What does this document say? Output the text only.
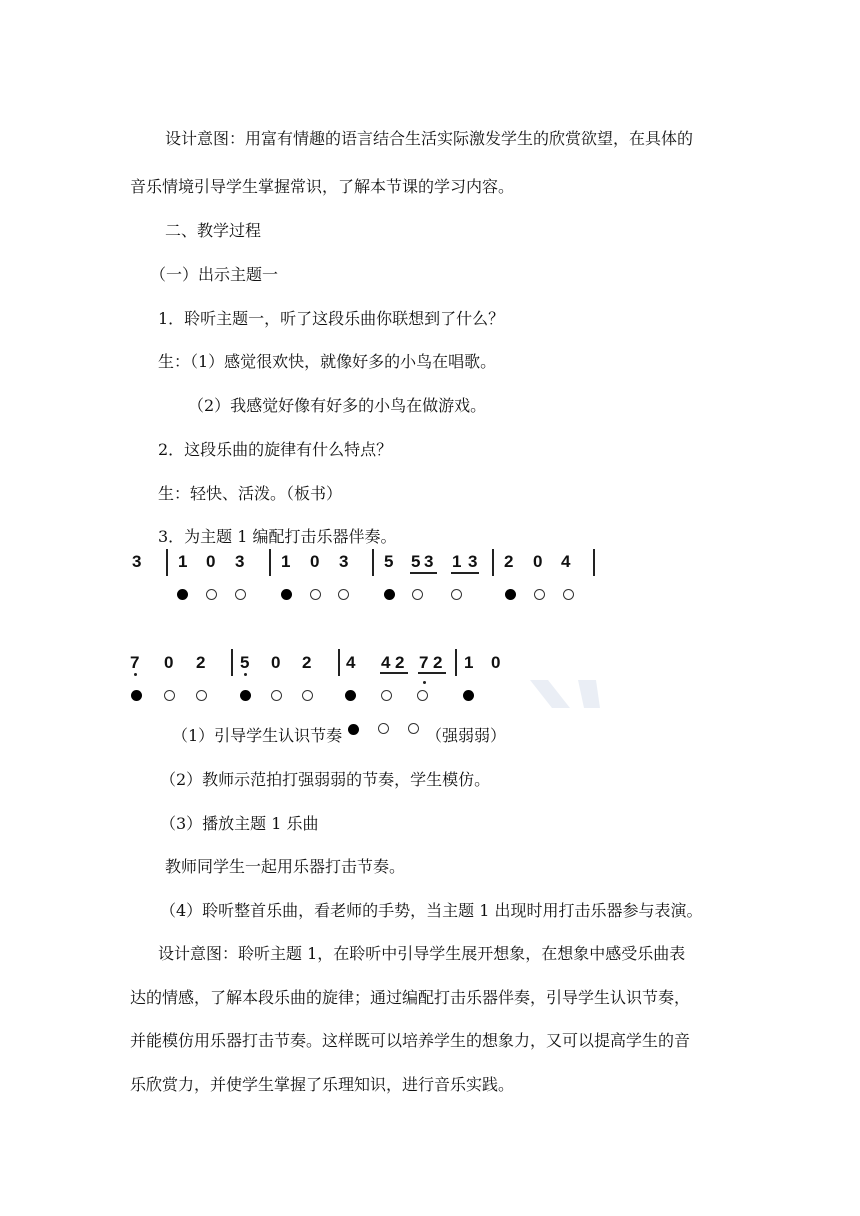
设计意图：用富有情趣的语言结合生活实际激发学生的欣赏欲望，在具体的
音乐情境引导学生掌握常识，了解本节课的学习内容。
二、教学过程
（一）出示主题一
1．聆听主题一，听了这段乐曲你联想到了什么？
生：（1）感觉很欢快，就像好多的小鸟在唱歌。
（2）我感觉好像有好多的小鸟在做游戏。
2．这段乐曲的旋律有什么特点？
生：轻快、活泼。（板书）
3．为主题 1 编配打击乐器伴奏。
3 1 0 3 1 0 3 5 5 3 1 3 2 0 4
7 0 2 5 0 2 4 4 2 7 2 1 0
（1）引导学生认识节奏	（强弱弱）
（2）教师示范拍打强弱弱的节奏，学生模仿。
（3）播放主题 1 乐曲
教师同学生一起用乐器打击节奏。
（4）聆听整首乐曲，看老师的手势，当主题 1 出现时用打击乐器参与表演。
设计意图：聆听主题 1，在聆听中引导学生展开想象，在想象中感受乐曲表
达的情感，了解本段乐曲的旋律；通过编配打击乐器伴奏，引导学生认识节奏，
并能模仿用乐器打击节奏。这样既可以培养学生的想象力，又可以提高学生的音
乐欣赏力，并使学生掌握了乐理知识，进行音乐实践。
